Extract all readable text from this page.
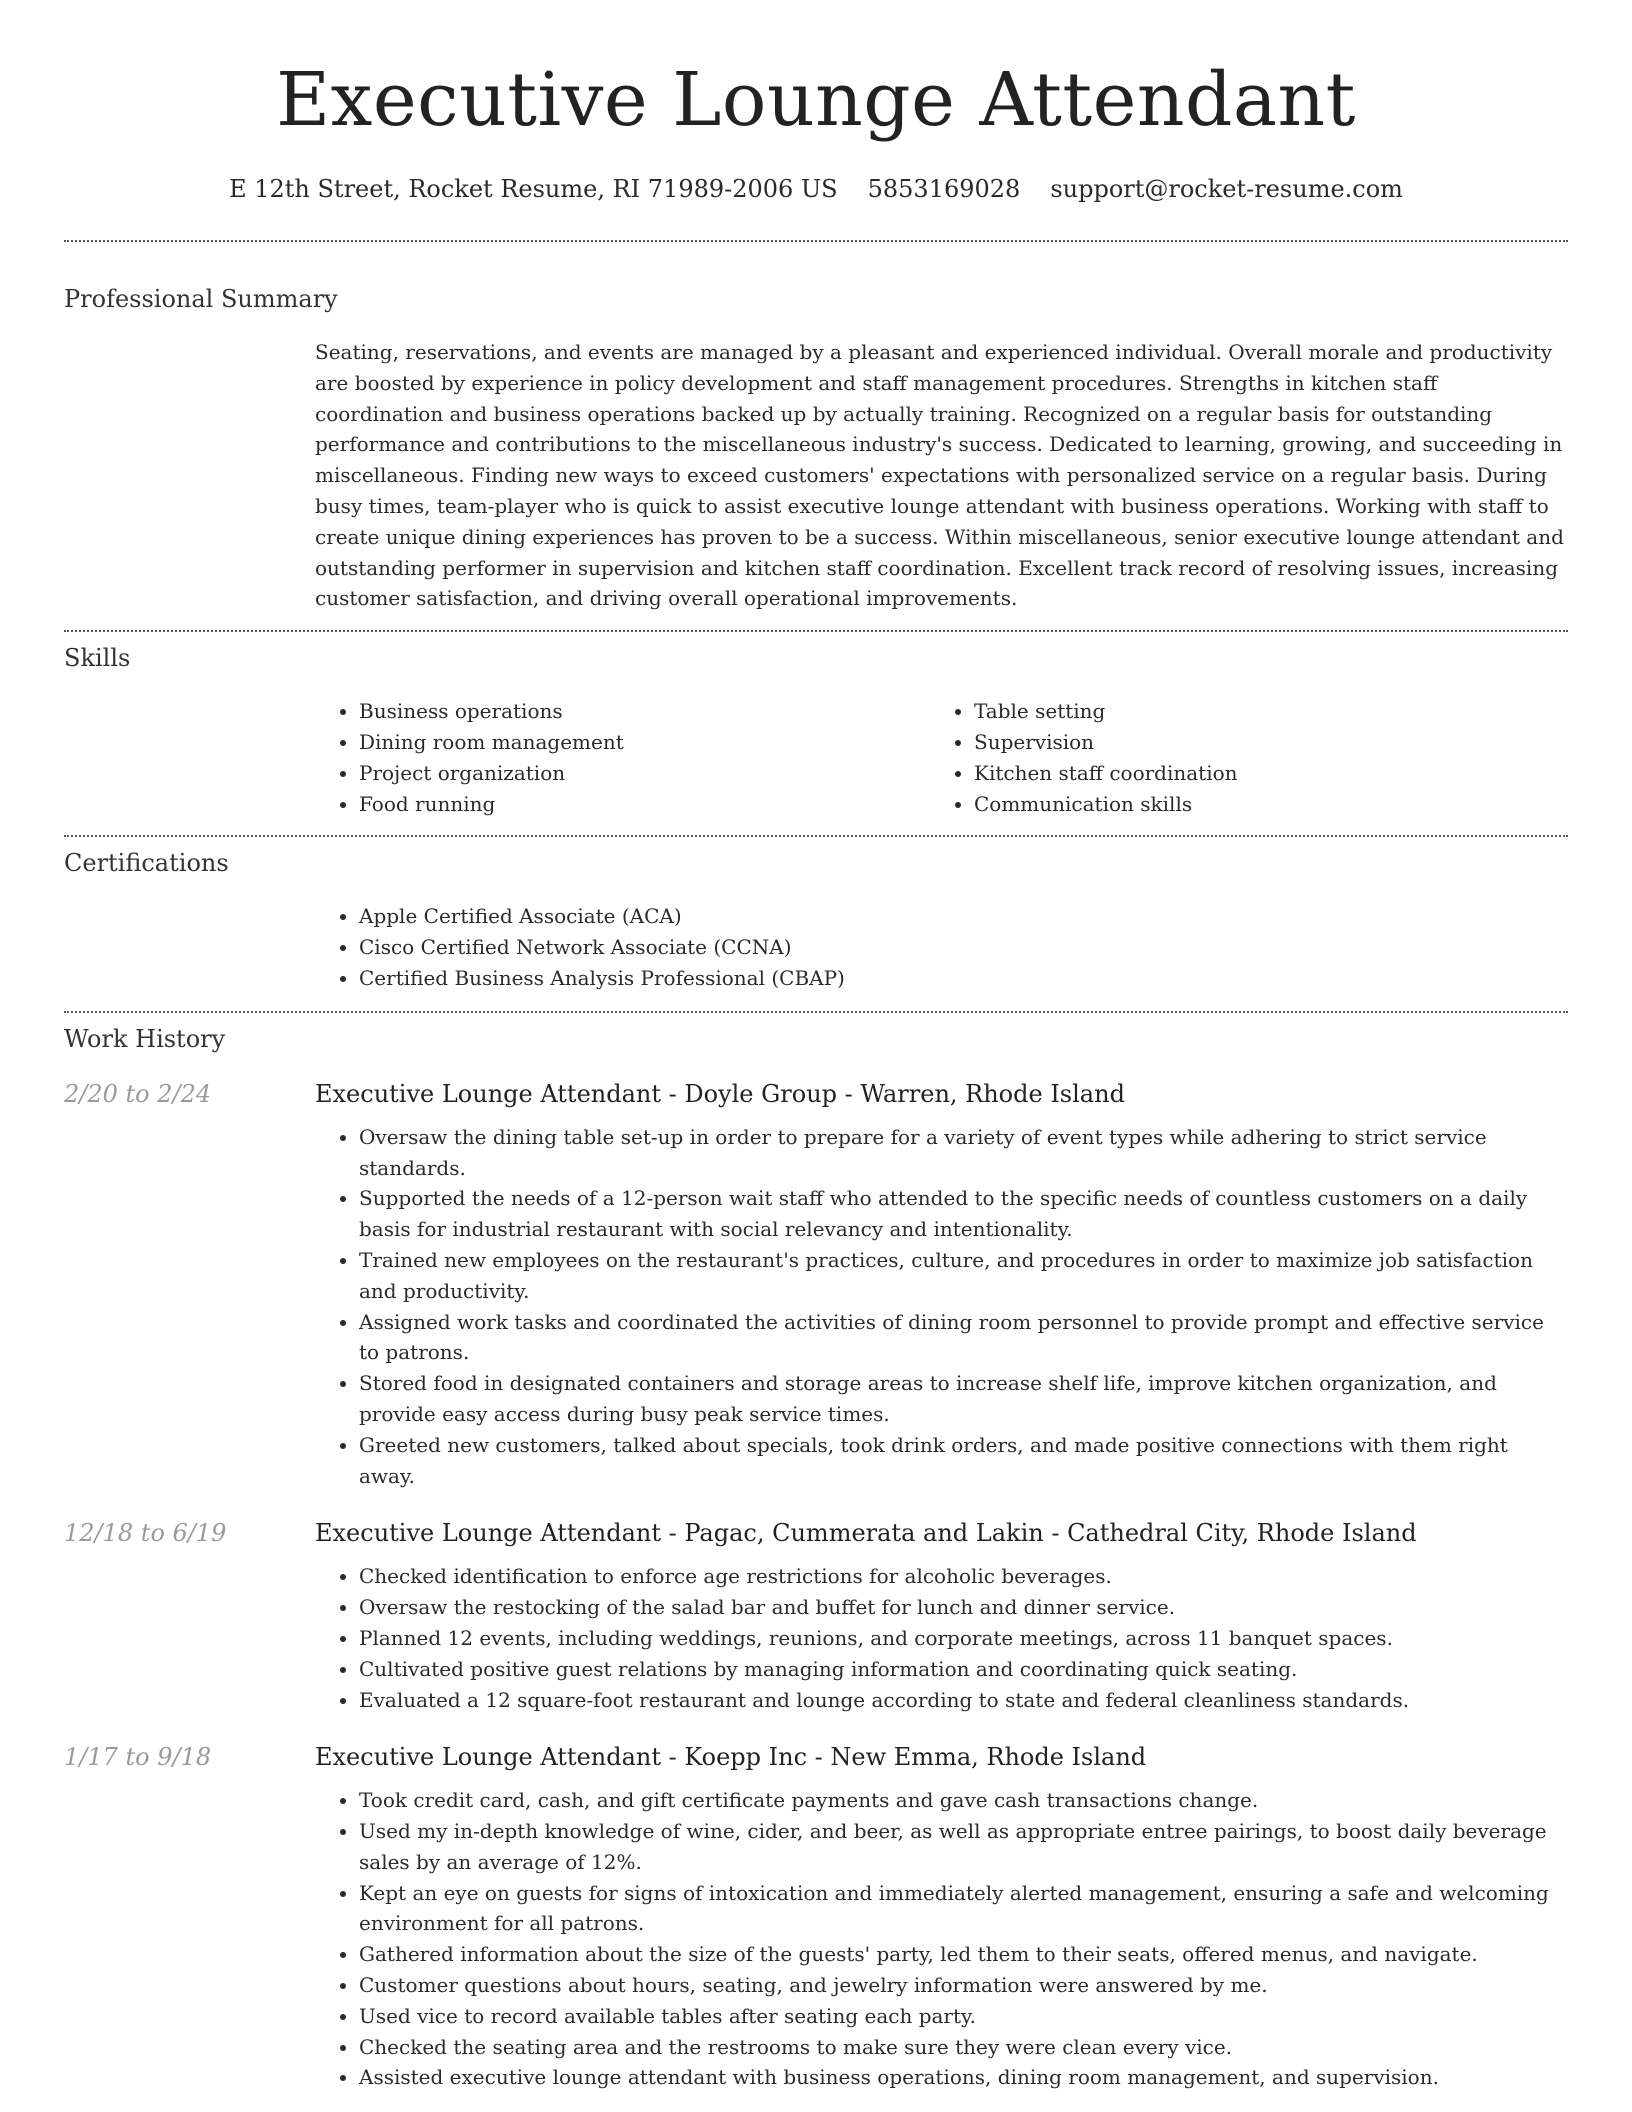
Executive Lounge Attendant
E 12th Street, Rocket Resume, RI 71989-2006 US 5853169028 support@rocket-resume.com
Professional Summary

Seating, reservations, and events are managed by a pleasant and experienced individual. Overall morale and productivity are boosted by experience in policy development and staff management procedures. Strengths in kitchen staff coordination and business operations backed up by actually training. Recognized on a regular basis for outstanding performance and contributions to the miscellaneous industry's success. Dedicated to learning, growing, and succeeding in miscellaneous. Finding new ways to exceed customers' expectations with personalized service on a regular basis. During busy times, team-player who is quick to assist executive lounge attendant with business operations. Working with staff to create unique dining experiences has proven to be a success. Within miscellaneous, senior executive lounge attendant and outstanding performer in supervision and kitchen staff coordination. Excellent track record of resolving issues, increasing customer satisfaction, and driving overall operational improvements.

Skills
• Business operations
• Dining room management
• Project organization
• Food running
• Table setting
• Supervision
• Kitchen staff coordination
• Communication skills
Certifications
• Apple Certified Associate (ACA)
• Cisco Certified Network Associate (CCNA)
• Certified Business Analysis Professional (CBAP)
Work History
2/20 to 2/24	Executive Lounge Attendant - Doyle Group - Warren, Rhode Island
• Oversaw the dining table set-up in order to prepare for a variety of event types while adhering to strict service standards.
• Supported the needs of a 12-person wait staff who attended to the specific needs of countless customers on a daily basis for industrial restaurant with social relevancy and intentionality.
• Trained new employees on the restaurant's practices, culture, and procedures in order to maximize job satisfaction and productivity.
• Assigned work tasks and coordinated the activities of dining room personnel to provide prompt and effective service to patrons.
• Stored food in designated containers and storage areas to increase shelf life, improve kitchen organization, and provide easy access during busy peak service times.
• Greeted new customers, talked about specials, took drink orders, and made positive connections with them right away.
12/18 to 6/19	Executive Lounge Attendant - Pagac, Cummerata and Lakin - Cathedral City, Rhode Island
• Checked identification to enforce age restrictions for alcoholic beverages.
• Oversaw the restocking of the salad bar and buffet for lunch and dinner service.
• Planned 12 events, including weddings, reunions, and corporate meetings, across 11 banquet spaces.
• Cultivated positive guest relations by managing information and coordinating quick seating.
• Evaluated a 12 square-foot restaurant and lounge according to state and federal cleanliness standards.
1/17 to 9/18	Executive Lounge Attendant - Koepp Inc - New Emma, Rhode Island
• Took credit card, cash, and gift certificate payments and gave cash transactions change.
• Used my in-depth knowledge of wine, cider, and beer, as well as appropriate entree pairings, to boost daily beverage sales by an average of 12%.
• Kept an eye on guests for signs of intoxication and immediately alerted management, ensuring a safe and welcoming environment for all patrons.
• Gathered information about the size of the guests' party, led them to their seats, offered menus, and navigate.
• Customer questions about hours, seating, and jewelry information were answered by me.
• Used vice to record available tables after seating each party.
• Checked the seating area and the restrooms to make sure they were clean every vice.
• Assisted executive lounge attendant with business operations, dining room management, and supervision.
